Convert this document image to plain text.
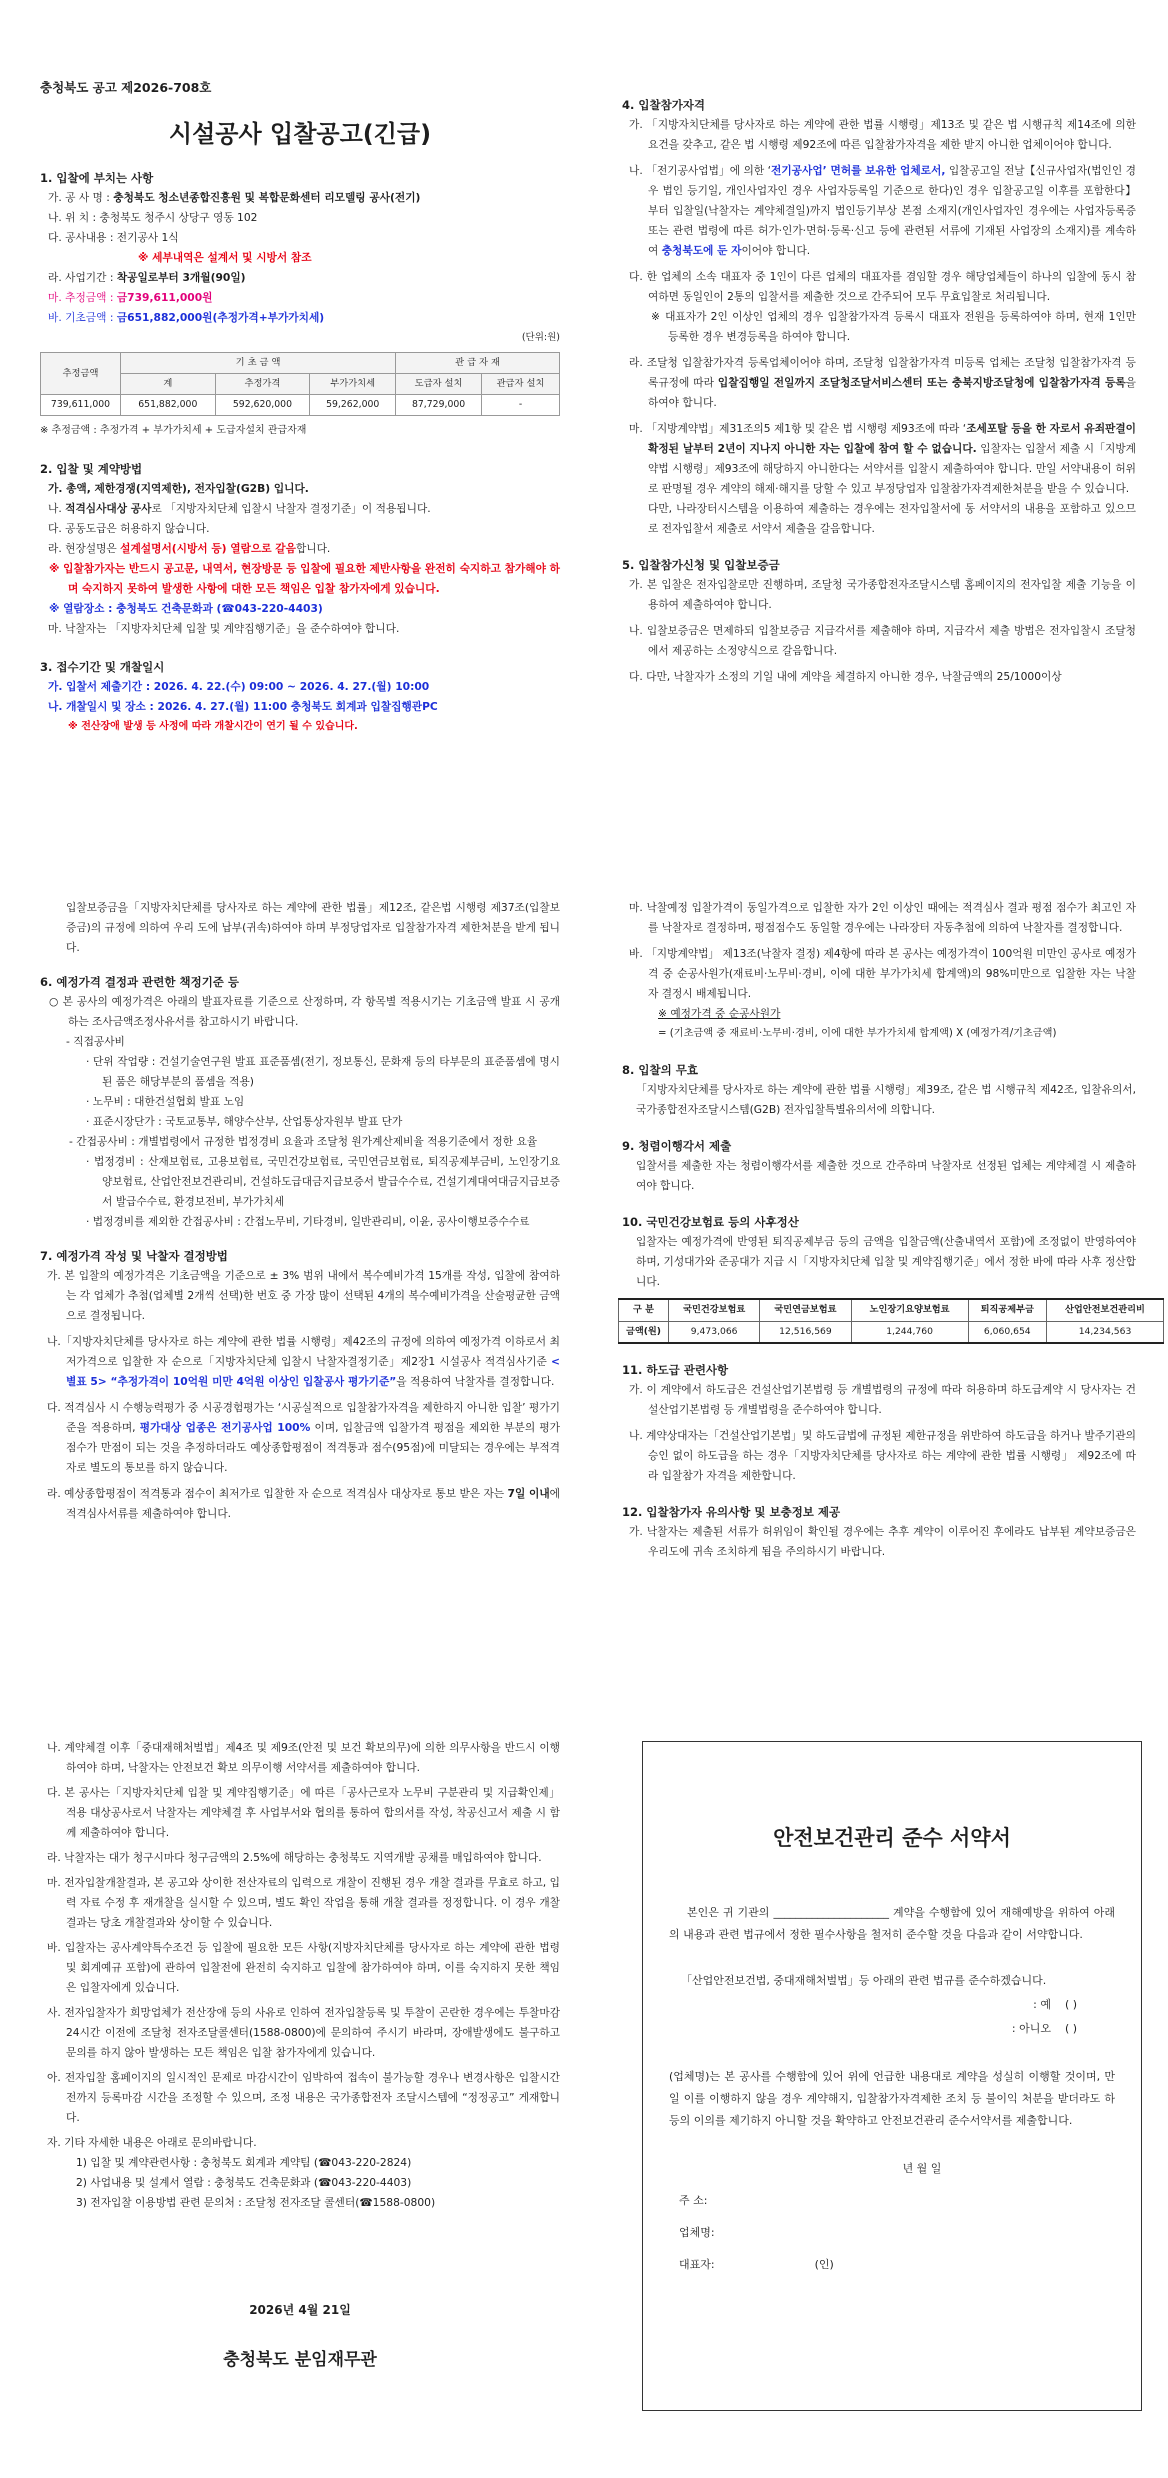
충청북도 공고 제2026-708호
시설공사 입찰공고(긴급)

1. 입찰에 부치는 사항

가. 공 사 명 : 충청북도 청소년종합진흥원 및 복합문화센터 리모델링 공사(전기)

나. 위 치 : 충청북도 청주시 상당구 영동 102

다. 공사내용 : 전기공사 1식

※ 세부내역은 설계서 및 시방서 참조

라. 사업기간 : 착공일로부터 3개월(90일)

마. 추정금액 : 금739,611,000원

바. 기초금액 : 금651,882,000원(추정가격+부가가치세)

(단위:원)

추정금액	기 초 금 액			관 급 자 재	
	계	추정가격	부가가치세	도급자 설치	관급자 설치
739,611,000	651,882,000	592,620,000	59,262,000	87,729,000	-

※ 추정금액 : 추정가격 + 부가가치세 + 도급자설치 관급자재

2. 입찰 및 계약방법

가. 총액, 제한경쟁(지역제한), 전자입찰(G2B) 입니다.

나. 적격심사대상 공사로 「지방자치단체 입찰시 낙찰자 결정기준」이 적용됩니다.

다. 공동도급은 허용하지 않습니다.

라. 현장설명은 설계설명서(시방서 등) 열람으로 갈음합니다.

※ 입찰참가자는 반드시 공고문, 내역서, 현장방문 등 입찰에 필요한 제반사항을 완전히 숙지하고 참가해야 하며 숙지하지 못하여 발생한 사항에 대한 모든 책임은 입찰 참가자에게 있습니다.

※ 열람장소 : 충청북도 건축문화과 (☎043-220-4403)

마. 낙찰자는 「지방자치단체 입찰 및 계약집행기준」을 준수하여야 합니다.

3. 접수기간 및 개찰일시

가. 입찰서 제출기간 : 2026. 4. 22.(수) 09:00 ~ 2026. 4. 27.(월) 10:00

나. 개찰일시 및 장소 : 2026. 4. 27.(월) 11:00 충청북도 회계과 입찰집행관PC

※ 전산장애 발생 등 사정에 따라 개찰시간이 연기 될 수 있습니다.

4. 입찰참가자격

가. 「지방자치단체를 당사자로 하는 계약에 관한 법률 시행령」제13조 및 같은 법 시행규칙 제14조에 의한 요건을 갖추고, 같은 법 시행령 제92조에 따른 입찰참가자격을 제한 받지 아니한 업체이어야 합니다.

나. 「전기공사업법」에 의한 ‘전기공사업’ 면허를 보유한 업체로서, 입찰공고일 전날【신규사업자(법인인 경우 법인 등기일, 개인사업자인 경우 사업자등록일 기준으로 한다)인 경우 입찰공고일 이후를 포함한다】부터 입찰일(낙찰자는 계약체결일)까지 법인등기부상 본점 소재지(개인사업자인 경우에는 사업자등록증 또는 관련 법령에 따른 허가·인가·면허·등록·신고 등에 관련된 서류에 기재된 사업장의 소재지)를 계속하여 충청북도에 둔 자이어야 합니다.

다. 한 업체의 소속 대표자 중 1인이 다른 업체의 대표자를 겸임할 경우 해당업체들이 하나의 입찰에 동시 참여하면 동일인이 2통의 입찰서를 제출한 것으로 간주되어 모두 무효입찰로 처리됩니다.

※ 대표자가 2인 이상인 업체의 경우 입찰참가자격 등록시 대표자 전원을 등록하여야 하며, 현재 1인만 등록한 경우 변경등록을 하여야 합니다.

라. 조달청 입찰참가자격 등록업체이어야 하며, 조달청 입찰참가자격 미등록 업체는 조달청 입찰참가자격 등록규정에 따라 입찰집행일 전일까지 조달청조달서비스센터 또는 충북지방조달청에 입찰참가자격 등록을 하여야 합니다.

마. 「지방계약법」제31조의5 제1항 및 같은 법 시행령 제93조에 따라 ‘조세포탈 등을 한 자로서 유죄판결이 확정된 날부터 2년이 지나지 아니한 자는 입찰에 참여 할 수 없습니다. 입찰자는 입찰서 제출 시「지방계약법 시행령」제93조에 해당하지 아니한다는 서약서를 입찰시 제출하여야 합니다. 만일 서약내용이 허위로 판명될 경우 계약의 해제·해지를 당할 수 있고 부정당업자 입찰참가자격제한처분을 받을 수 있습니다.

다만, 나라장터시스템을 이용하여 제출하는 경우에는 전자입찰서에 동 서약서의 내용을 포함하고 있으므로 전자입찰서 제출로 서약서 제출을 갈음합니다.

5. 입찰참가신청 및 입찰보증금

가. 본 입찰은 전자입찰로만 진행하며, 조달청 국가종합전자조달시스템 홈페이지의 전자입찰 제출 기능을 이용하여 제출하여야 합니다.

나. 입찰보증금은 면제하되 입찰보증금 지급각서를 제출해야 하며, 지급각서 제출 방법은 전자입찰시 조달청에서 제공하는 소정양식으로 갈음합니다.

다. 다만, 낙찰자가 소정의 기일 내에 계약을 체결하지 아니한 경우, 낙찰금액의 25/1000이상

입찰보증금을「지방자치단체를 당사자로 하는 계약에 관한 법률」제12조, 같은법 시행령 제37조(입찰보증금)의 규정에 의하여 우리 도에 납부(귀속)하여야 하며 부정당업자로 입찰참가자격 제한처분을 받게 됩니다.

6. 예정가격 결정과 관련한 책정기준 등

○ 본 공사의 예정가격은 아래의 발표자료를 기준으로 산정하며, 각 항목별 적용시기는 기초금액 발표 시 공개하는 조사금액조정사유서를 참고하시기 바랍니다.

- 직접공사비

· 단위 작업량 : 건설기술연구원 발표 표준품셈(전기, 정보통신, 문화재 등의 타부문의 표준품셈에 명시된 품은 해당부분의 품셈을 적용)

· 노무비 : 대한건설협회 발표 노임

· 표준시장단가 : 국토교통부, 해양수산부, 산업통상자원부 발표 단가

- 간접공사비 : 개별법령에서 규정한 법정경비 요율과 조달청 원가계산제비율 적용기준에서 정한 요율

· 법정경비 : 산재보험료, 고용보험료, 국민건강보험료, 국민연금보험료, 퇴직공제부금비, 노인장기요양보험료, 산업안전보건관리비, 건설하도급대금지급보증서 발급수수료, 건설기계대여대금지급보증서 발급수수료, 환경보전비, 부가가치세

· 법정경비를 제외한 간접공사비 : 간접노무비, 기타경비, 일반관리비, 이윤, 공사이행보증수수료

7. 예정가격 작성 및 낙찰자 결정방법

가. 본 입찰의 예정가격은 기초금액을 기준으로 ± 3% 범위 내에서 복수예비가격 15개를 작성, 입찰에 참여하는 각 업체가 추첨(업체별 2개씩 선택)한 번호 중 가장 많이 선택된 4개의 복수예비가격을 산술평균한 금액으로 결정됩니다.

나.「지방자치단체를 당사자로 하는 계약에 관한 법률 시행령」제42조의 규정에 의하여 예정가격 이하로서 최저가격으로 입찰한 자 순으로「지방자치단체 입찰시 낙찰자결정기준」제2장1 시설공사 적격심사기준 <별표 5> “추정가격이 10억원 미만 4억원 이상인 입찰공사 평가기준”을 적용하여 낙찰자를 결정합니다.

다. 적격심사 시 수행능력평가 중 시공경험평가는 ‘시공실적으로 입찰참가자격을 제한하지 아니한 입찰’ 평가기준을 적용하며, 평가대상 업종은 전기공사업 100% 이며, 입찰금액 입찰가격 평점을 제외한 부분의 평가점수가 만점이 되는 것을 추정하더라도 예상종합평점이 적격통과 점수(95점)에 미달되는 경우에는 부적격자로 별도의 통보를 하지 않습니다.

라. 예상종합평점이 적격통과 점수이 최저가로 입찰한 자 순으로 적격심사 대상자로 통보 받은 자는 7일 이내에 적격심사서류를 제출하여야 합니다.

마. 낙찰예정 입찰가격이 동일가격으로 입찰한 자가 2인 이상인 때에는 적격심사 결과 평점 점수가 최고인 자를 낙찰자로 결정하며, 평점점수도 동일할 경우에는 나라장터 자동추첨에 의하여 낙찰자를 결정합니다.

바. 「지방계약법」 제13조(낙찰자 결정) 제4항에 따라 본 공사는 예정가격이 100억원 미만인 공사로 예정가격 중 순공사원가(재료비·노무비·경비, 이에 대한 부가가치세 합계액)의 98%미만으로 입찰한 자는 낙찰자 결정시 배제됩니다.

※ 예정가격 중 순공사원가

= (기초금액 중 재료비·노무비·경비, 이에 대한 부가가치세 합계액) X (예정가격/기초금액)

8. 입찰의 무효

「지방자치단체를 당사자로 하는 계약에 관한 법률 시행령」제39조, 같은 법 시행규칙 제42조, 입찰유의서, 국가종합전자조달시스템(G2B) 전자입찰특별유의서에 의합니다.

9. 청렴이행각서 제출

입찰서를 제출한 자는 청렴이행각서를 제출한 것으로 간주하며 낙찰자로 선정된 업체는 계약체결 시 제출하여야 합니다.

10. 국민건강보험료 등의 사후정산

입찰자는 예정가격에 반영된 퇴직공제부금 등의 금액을 입찰금액(산출내역서 포함)에 조정없이 반영하여야 하며, 기성대가와 준공대가 지급 시「지방자치단체 입찰 및 계약집행기준」에서 정한 바에 따라 사후 정산합니다.

구 분	국민건강보험료	국민연금보험료	노인장기요양보험료	퇴직공제부금	산업안전보건관리비
금액(원)	9,473,066	12,516,569	1,244,760	6,060,654	14,234,563

11. 하도급 관련사항

가. 이 계약에서 하도급은 건설산업기본법령 등 개별법령의 규정에 따라 허용하며 하도급계약 시 당사자는 건설산업기본법령 등 개별법령을 준수하여야 합니다.

나. 계약상대자는「건설산업기본법」및 하도급법에 규정된 제한규정을 위반하여 하도급을 하거나 발주기관의 승인 없이 하도급을 하는 경우「지방자치단체를 당사자로 하는 계약에 관한 법률 시행령」 제92조에 따라 입찰참가 자격을 제한합니다.

12. 입찰참가자 유의사항 및 보충정보 제공

가. 낙찰자는 제출된 서류가 허위임이 확인될 경우에는 추후 계약이 이루어진 후에라도 납부된 계약보증금은 우리도에 귀속 조치하게 됨을 주의하시기 바랍니다.

나. 계약체결 이후「중대재해처벌법」제4조 및 제9조(안전 및 보건 확보의무)에 의한 의무사항을 반드시 이행하여야 하며, 낙찰자는 안전보건 확보 의무이행 서약서를 제출하여야 합니다.

다. 본 공사는「지방자치단체 입찰 및 계약집행기준」에 따른「공사근로자 노무비 구분관리 및 지급확인제」적용 대상공사로서 낙찰자는 계약체결 후 사업부서와 협의를 통하여 합의서를 작성, 착공신고서 제출 시 함께 제출하여야 합니다.

라. 낙찰자는 대가 청구시마다 청구금액의 2.5%에 해당하는 충청북도 지역개발 공채를 매입하여야 합니다.

마. 전자입찰개찰결과, 본 공고와 상이한 전산자료의 입력으로 개찰이 진행된 경우 개찰 결과를 무효로 하고, 입력 자료 수정 후 재개찰을 실시할 수 있으며, 별도 확인 작업을 통해 개찰 결과를 정정합니다. 이 경우 개찰결과는 당초 개찰결과와 상이할 수 있습니다.

바. 입찰자는 공사계약특수조건 등 입찰에 필요한 모든 사항(지방자치단체를 당사자로 하는 계약에 관한 법령 및 회계예규 포함)에 관하여 입찰전에 완전히 숙지하고 입찰에 참가하여야 하며, 이를 숙지하지 못한 책임은 입찰자에게 있습니다.

사. 전자입찰자가 희망업체가 전산장애 등의 사유로 인하여 전자입찰등록 및 투찰이 곤란한 경우에는 투찰마감 24시간 이전에 조달청 전자조달콜센터(1588-0800)에 문의하여 주시기 바라며, 장애발생에도 불구하고 문의를 하지 않아 발생하는 모든 책임은 입찰 참가자에게 있습니다.

아. 전자입찰 홈페이지의 일시적인 문제로 마감시간이 임박하여 접속이 불가능할 경우나 변경사항은 입찰시간 전까지 등록마감 시간을 조정할 수 있으며, 조정 내용은 국가종합전자 조달시스템에 “정정공고” 게재합니다.

자. 기타 자세한 내용은 아래로 문의바랍니다.

1) 입찰 및 계약관련사항 : 충청북도 회계과 계약팀 (☎043-220-2824)

2) 사업내용 및 설계서 열람 : 충청북도 건축문화과 (☎043-220-4403)

3) 전자입찰 이용방법 관련 문의처 : 조달청 전자조달 콜센터(☎1588-0800)

2026년 4월 21일
충청북도 분임재무관
안전보건관리 준수 서약서

본인은 귀 기관의 _____________________ 계약을 수행함에 있어 재해예방을 위하여 아래의 내용과 관련 법규에서 정한 필수사항을 철저히 준수할 것을 다음과 같이 서약합니다.

「산업안전보건법, 중대재해처벌법」등 아래의 관련 법규를 준수하겠습니다.

: 예 ( )
: 아니오 ( )

(업체명)는 본 공사를 수행함에 있어 위에 언급한 내용대로 계약을 성실히 이행할 것이며, 만일 이를 이행하지 않을 경우 계약해지, 입찰참가자격제한 조치 등 불이익 처분을 받더라도 하등의 이의를 제기하지 아니할 것을 확약하고 안전보건관리 준수서약서를 제출합니다.

년 월 일

주 소:

업체명:

대표자:	(인)
